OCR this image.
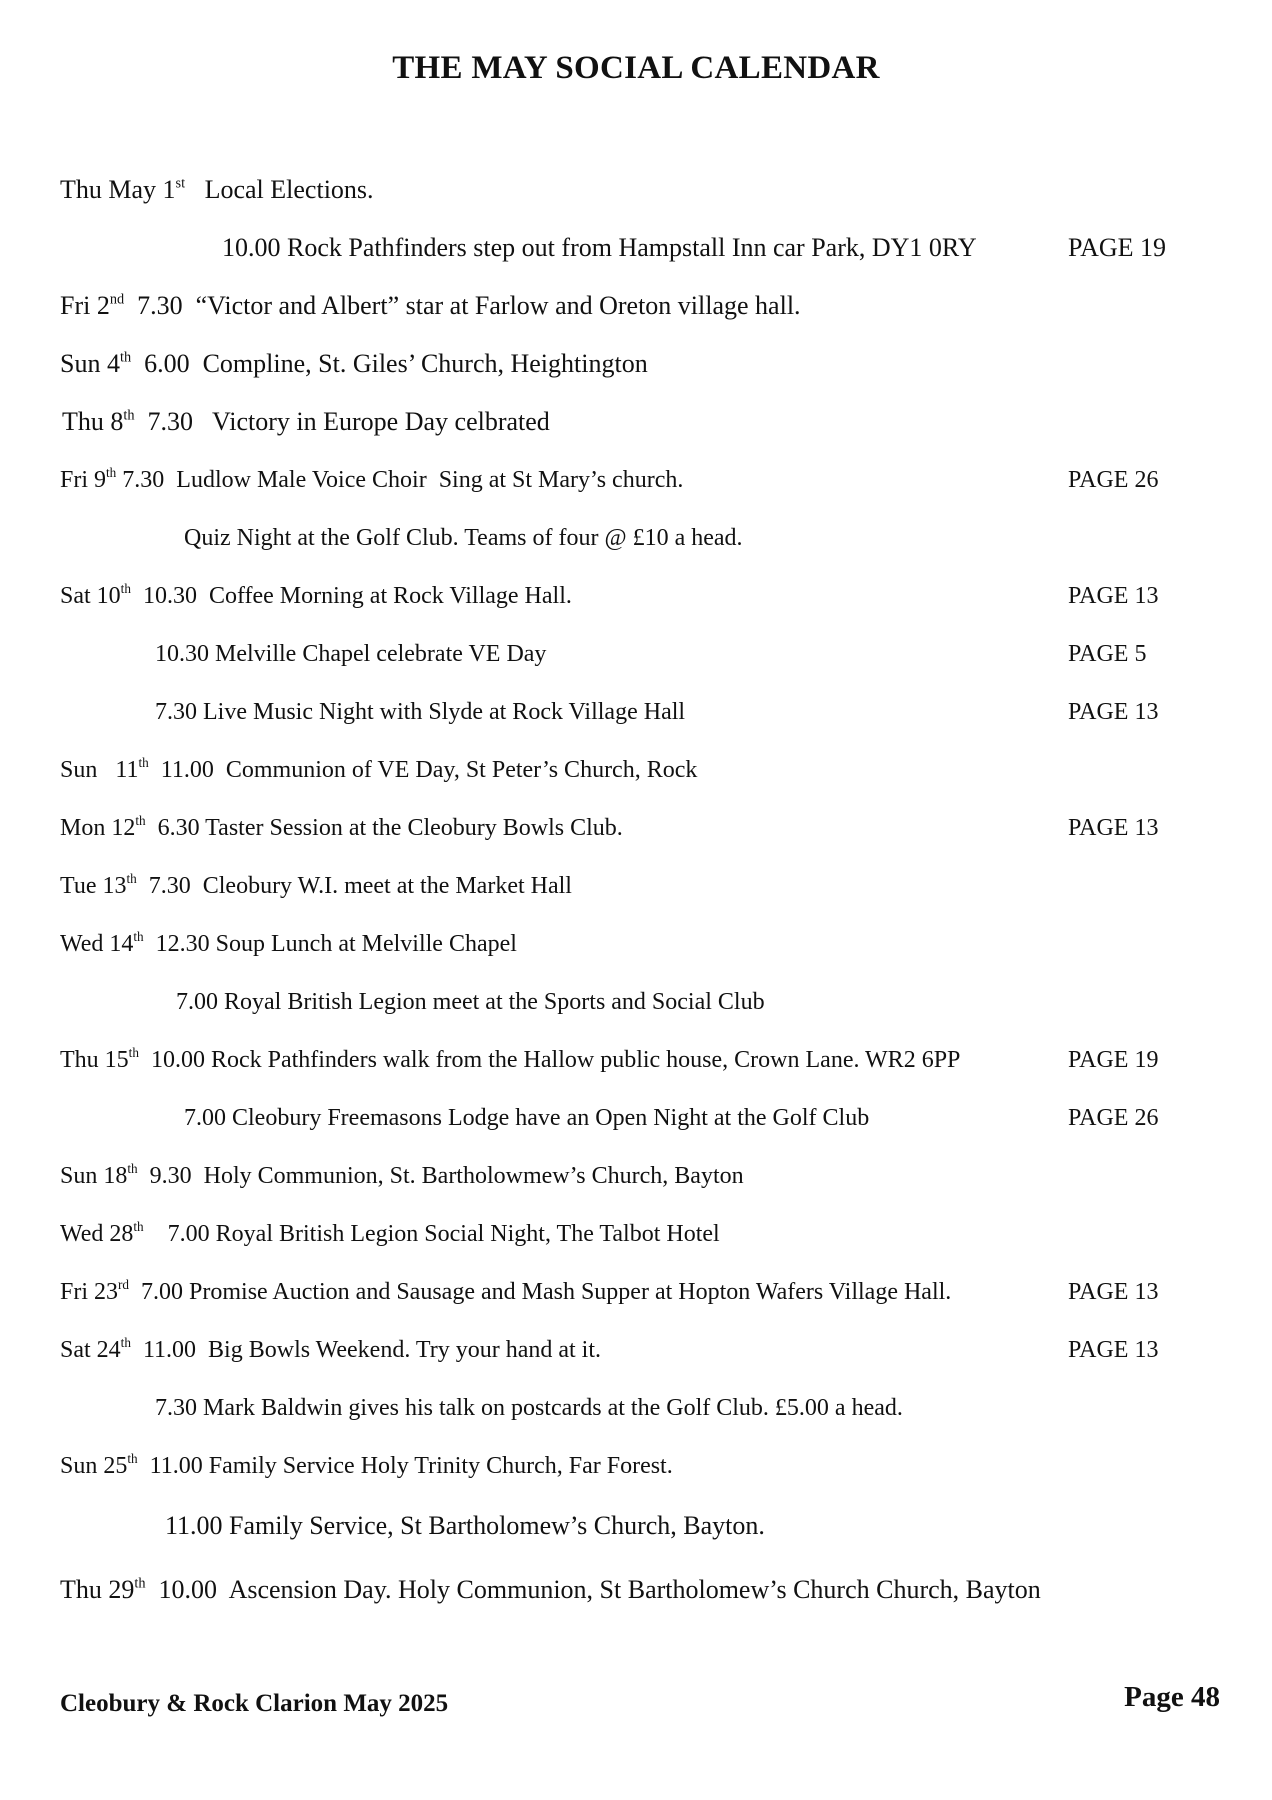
THE MAY SOCIAL CALENDAR
Thu May 1st   Local Elections.
10.00 Rock Pathfinders step out from Hampstall Inn car Park, DY1 0RY	PAGE 19
Fri 2nd  7.30  “Victor and Albert” star at Farlow and Oreton village hall.
Sun 4th  6.00  Compline, St. Giles’ Church, Heightington
Thu 8th  7.30   Victory in Europe Day celbrated
Fri 9th 7.30  Ludlow Male Voice Choir  Sing at St Mary’s church.	PAGE 26
Quiz Night at the Golf Club. Teams of four @ £10 a head.
Sat 10th  10.30  Coffee Morning at Rock Village Hall.	PAGE 13
10.30 Melville Chapel celebrate VE Day	PAGE 5
7.30 Live Music Night with Slyde at Rock Village Hall	PAGE 13
Sun   11th  11.00  Communion of VE Day, St Peter’s Church, Rock
Mon 12th  6.30 Taster Session at the Cleobury Bowls Club.	PAGE 13
Tue 13th  7.30  Cleobury W.I. meet at the Market Hall
Wed 14th  12.30 Soup Lunch at Melville Chapel
7.00 Royal British Legion meet at the Sports and Social Club
Thu 15th  10.00 Rock Pathfinders walk from the Hallow public house, Crown Lane. WR2 6PP	PAGE 19
7.00 Cleobury Freemasons Lodge have an Open Night at the Golf Club	PAGE 26
Sun 18th  9.30  Holy Communion, St. Bartholowmew’s Church, Bayton
Wed 28th    7.00 Royal British Legion Social Night, The Talbot Hotel
Fri 23rd  7.00 Promise Auction and Sausage and Mash Supper at Hopton Wafers Village Hall.	PAGE 13
Sat 24th  11.00  Big Bowls Weekend. Try your hand at it.	PAGE 13
7.30 Mark Baldwin gives his talk on postcards at the Golf Club. £5.00 a head.
Sun 25th  11.00 Family Service Holy Trinity Church, Far Forest.
11.00 Family Service, St Bartholomew’s Church, Bayton.
Thu 29th  10.00  Ascension Day. Holy Communion, St Bartholomew’s Church Church, Bayton
Cleobury & Rock Clarion May 2025	Page 48
